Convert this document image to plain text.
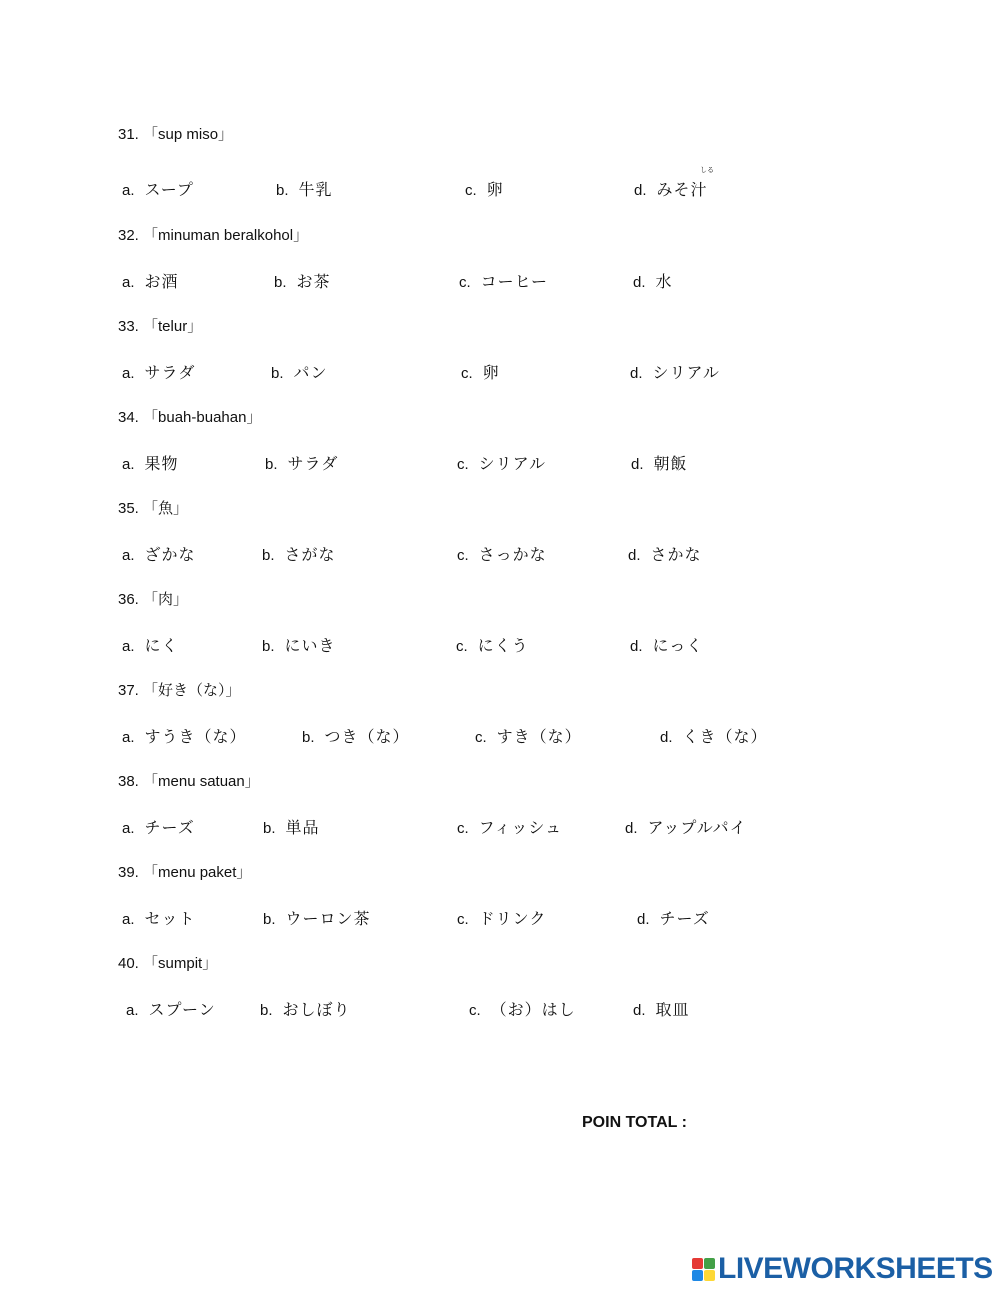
31. 「sup miso」
a. スープ	b. 牛乳	c. 卵	d. みそ汁
32. 「minuman beralkohol」
a. お酒	b. お茶	c. コーヒー	d. 水
33. 「telur」
a. サラダ	b. パン	c. 卵	d. シリアル
34. 「buah-buahan」
a. 果物	b. サラダ	c. シリアル	d. 朝飯
35. 「魚」
a. ざかな	b. さがな	c. さっかな	d. さかな
36. 「肉」
a. にく	b. にいき	c. にくう	d. にっく
37. 「好き（な）」
a. すうき（な）	b. つき（な）	c. すき（な）	d. くき（な）
38. 「menu satuan」
a. チーズ	b. 単品	c. フィッシュ	d. アップルパイ
39. 「menu paket」
a. セット	b. ウーロン茶	c. ドリンク	d. チーズ
40. 「sumpit」
a. スプーン	b. おしぼり	c. （お）はし	d. 取皿
しる
POIN TOTAL :
LIVEWORKSHEETS
